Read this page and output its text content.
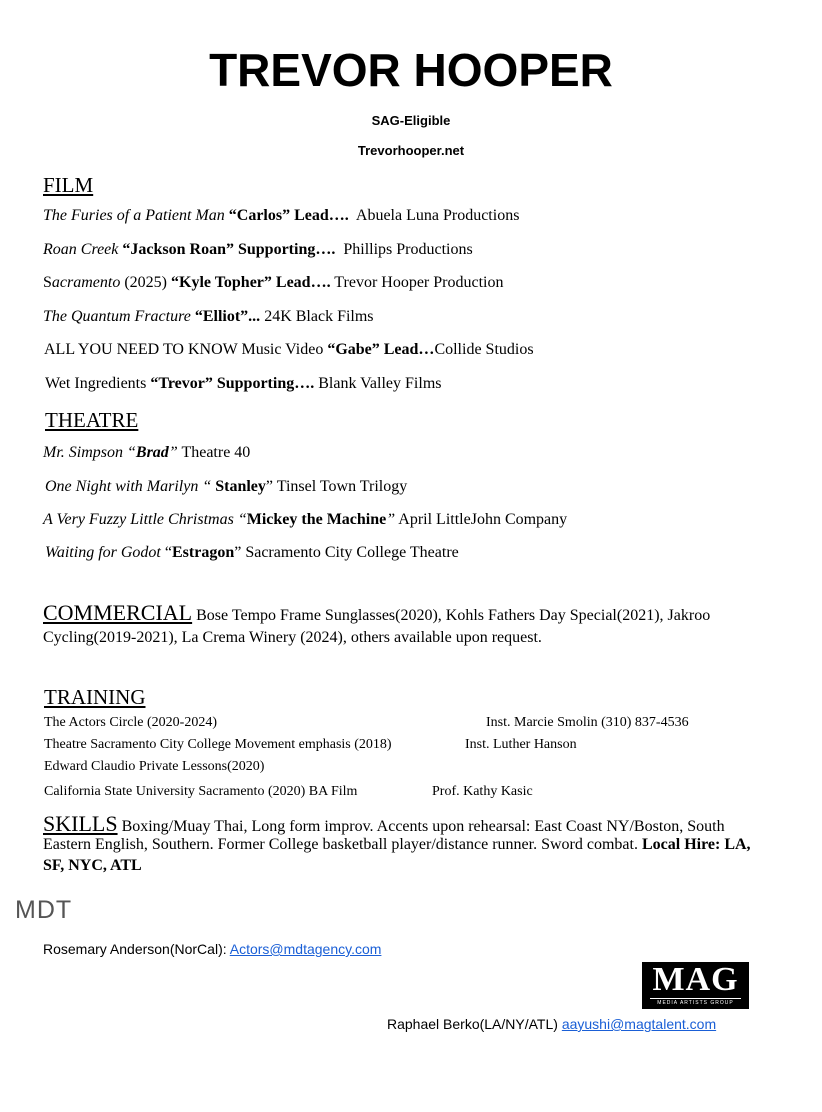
TREVOR HOOPER
SAG-Eligible
Trevorhooper.net
FILM
The Furies of a Patient Man “Carlos” Lead…. Abuela Luna Productions
Roan Creek “Jackson Roan” Supporting…. Phillips Productions
Sacramento (2025) “Kyle Topher” Lead…. Trevor Hooper Production
The Quantum Fracture “Elliot”... 24K Black Films
ALL YOU NEED TO KNOW Music Video “Gabe” Lead…Collide Studios
Wet Ingredients “Trevor” Supporting…. Blank Valley Films
THEATRE
Mr. Simpson “Brad” Theatre 40
One Night with Marilyn “ Stanley” Tinsel Town Trilogy
A Very Fuzzy Little Christmas “Mickey the Machine” April LittleJohn Company
Waiting for Godot “Estragon” Sacramento City College Theatre
COMMERCIAL Bose Tempo Frame Sunglasses(2020), Kohls Fathers Day Special(2021), Jakroo
Cycling(2019-2021), La Crema Winery (2024), others available upon request.
TRAINING
The Actors Circle (2020-2024)	Inst. Marcie Smolin (310) 837-4536
Theatre Sacramento City College Movement emphasis (2018)	Inst. Luther Hanson
Edward Claudio Private Lessons(2020)
California State University Sacramento (2020) BA Film	Prof. Kathy Kasic
SKILLS Boxing/Muay Thai, Long form improv. Accents upon rehearsal: East Coast NY/Boston, South
Eastern English, Southern. Former College basketball player/distance runner. Sword combat. Local Hire: LA,
SF, NYC, ATL
MDT
Rosemary Anderson(NorCal): Actors@mdtagency.com
MAG
MEDIA ARTISTS GROUP
Raphael Berko(LA/NY/ATL) aayushi@magtalent.com
